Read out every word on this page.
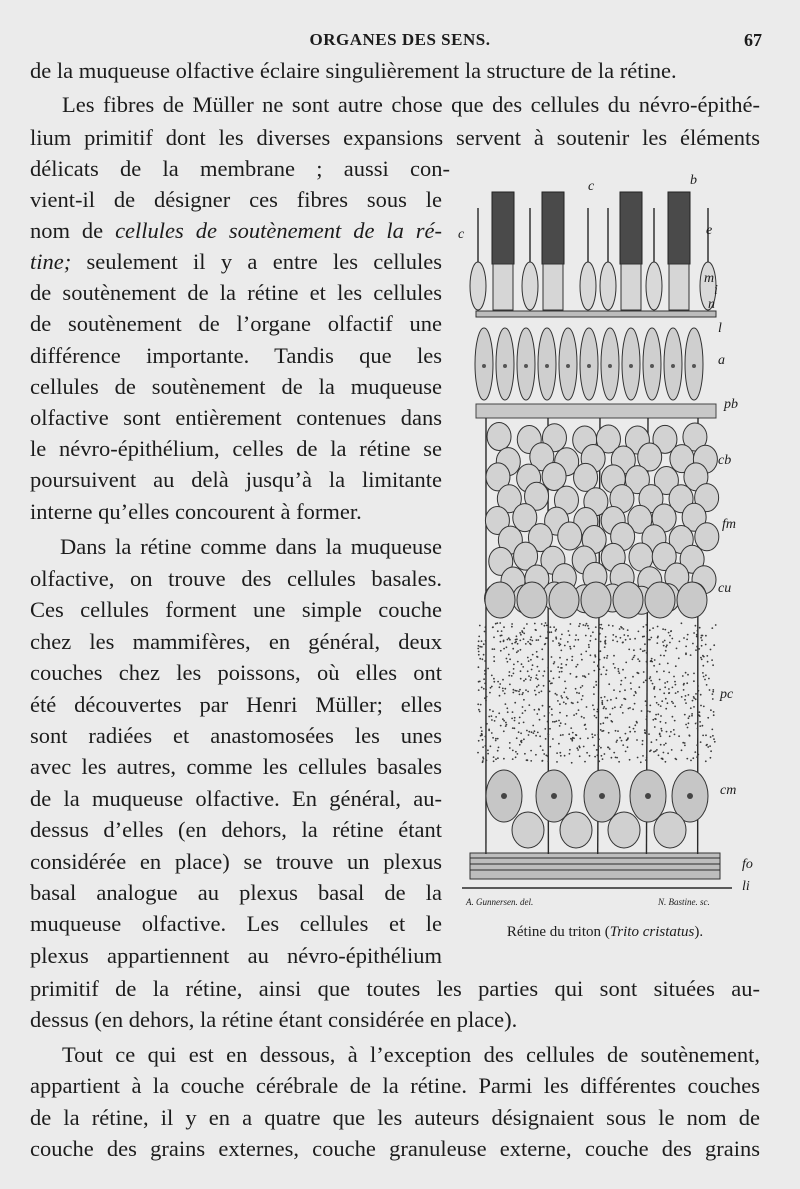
ORGANES DES SENS.	67
de la muqueuse olfactive éclaire singulièrement la structure de la rétine.
Les fibres de Müller ne sont autre chose que des cellules du névro-épithé-
lium primitif dont les diverses expansions servent à soutenir les éléments
délicats de la membrane ; aussi con-
vient-il de désigner ces fibres sous le
nom de cellules de soutènement de la ré-
tine; seulement il y a entre les cellules
de soutènement de la rétine et les cellules
de soutènement de l’organe olfactif une
différence importante. Tandis que les
cellules de soutènement de la muqueuse
olfactive sont entièrement contenues dans
le névro-épithélium, celles de la rétine se
poursuivent au delà jusqu’à la limitante
interne qu’elles concourent à former.
Dans la rétine comme dans la muqueuse
olfactive, on trouve des cellules basales.
Ces cellules forment une simple couche
chez les mammifères, en général, deux
couches chez les poissons, où elles ont
été découvertes par Henri Müller; elles
sont radiées et anastomosées les unes
avec les autres, comme les cellules basales
de la muqueuse olfactive. En général, au-
dessus d’elles (en dehors, la rétine étant
considérée en place) se trouve un plexus
basal analogue au plexus basal de la
muqueuse olfactive. Les cellules et le
plexus appartiennent au névro-épithélium
primitif de la rétine, ainsi que toutes les parties qui sont situées au-
dessus (en dehors, la rétine étant considérée en place).
Tout ce qui est en dessous, à l’exception des cellules de soutènement,
appartient à la couche cérébrale de la rétine. Parmi les différentes couches
de la rétine, il y en a quatre que les auteurs désignaient sous le nom de
couche des grains externes, couche granuleuse externe, couche des grains
c	b
c	e
m
i
n
l
a
pb
cb
fm
cu
pc
cm
fo
li
A. Gunnersen. del.	N. Bastine. sc.
Rétine du triton (Trito cristatus).
